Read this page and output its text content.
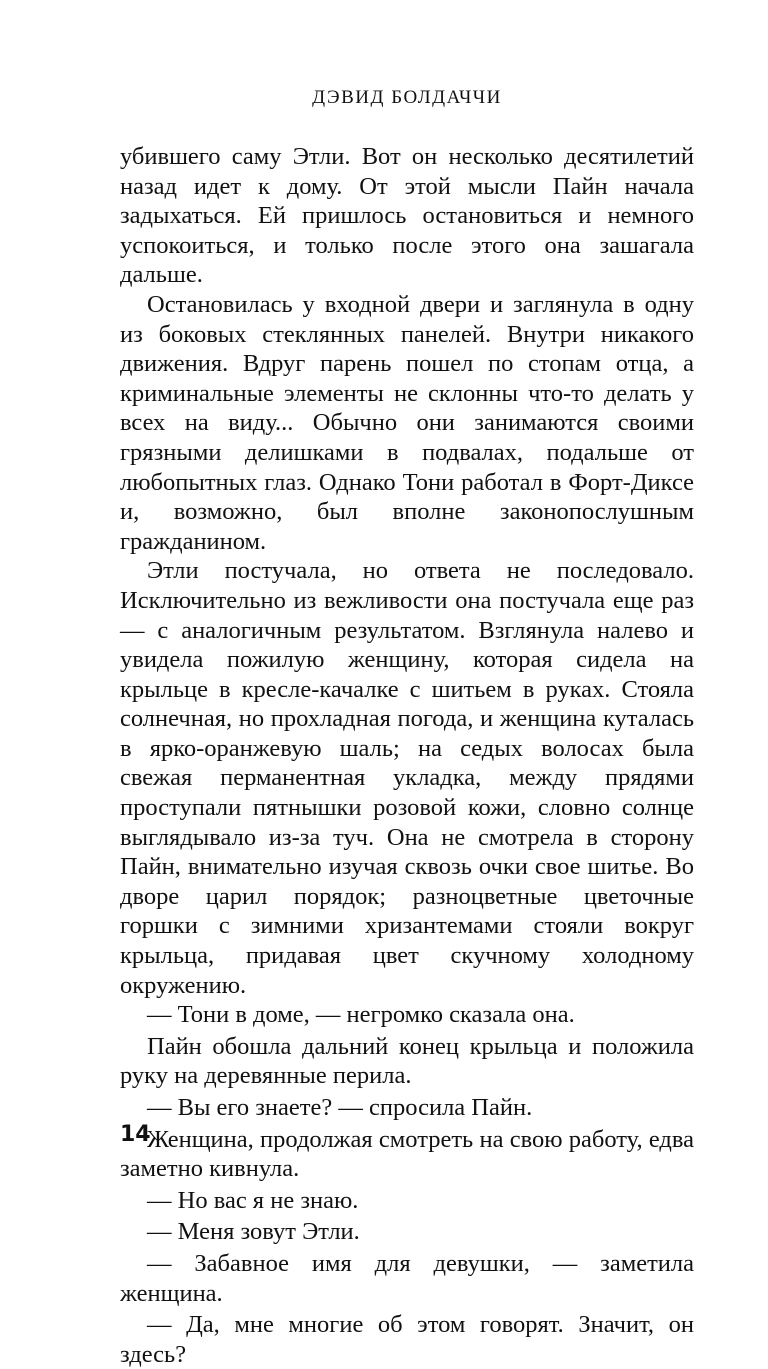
ДЭВИД БОЛДАЧЧИ

убившего саму Этли. Вот он несколько десятилетий назад идет к дому. От этой мысли Пайн начала задыхаться. Ей пришлось остановиться и немного успокоиться, и только после этого она зашагала дальше.

Остановилась у входной двери и заглянула в одну из боковых стеклянных панелей. Внутри никакого движения. Вдруг парень пошел по стопам отца, а криминальные элементы не склонны что-то делать у всех на виду... Обычно они занимаются своими грязными делишками в подвалах, подальше от любопытных глаз. Однако Тони работал в Форт-Диксе и, возможно, был вполне законопослушным гражданином.

Этли постучала, но ответа не последовало. Исключительно из вежливости она постучала еще раз — с аналогичным результатом. Взглянула налево и увидела пожилую женщину, которая сидела на крыльце в кресле-качалке с шитьем в руках. Стояла солнечная, но прохладная погода, и женщина куталась в ярко-оранжевую шаль; на седых волосах была свежая перманентная укладка, между прядями проступали пятнышки розовой кожи, словно солнце выглядывало из-за туч. Она не смотрела в сторону Пайн, внимательно изучая сквозь очки свое шитье. Во дворе царил порядок; разноцветные цветочные горшки с зимними хризантемами стояли вокруг крыльца, придавая цвет скучному холодному окружению.

— Тони в доме, — негромко сказала она.

Пайн обошла дальний конец крыльца и положила руку на деревянные перила.

— Вы его знаете? — спросила Пайн.

Женщина, продолжая смотреть на свою работу, едва заметно кивнула.

— Но вас я не знаю.

— Меня зовут Этли.

— Забавное имя для девушки, — заметила женщина.

— Да, мне многие об этом говорят. Значит, он здесь?

14
